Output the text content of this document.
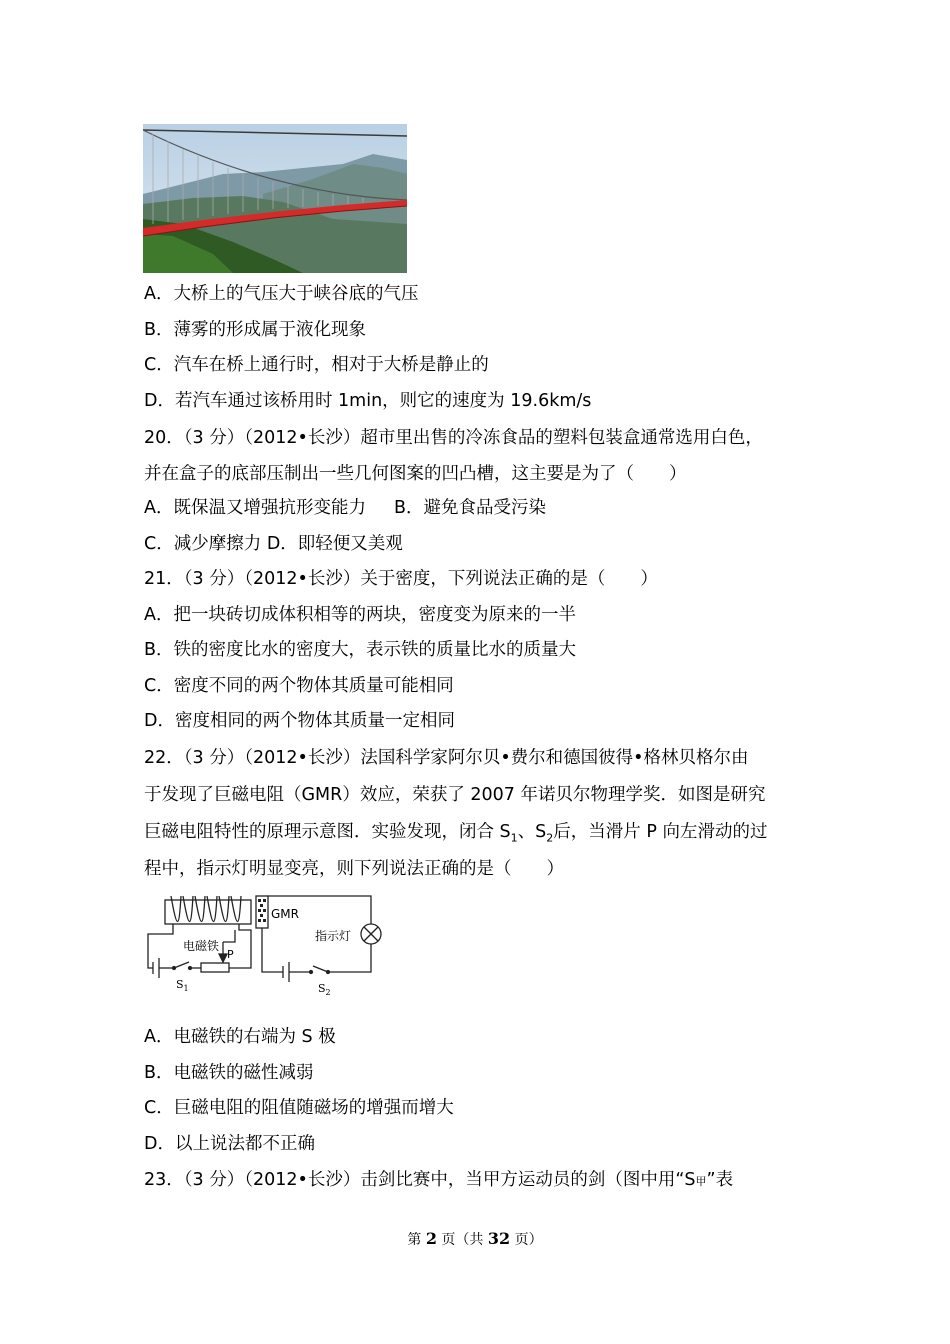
A．大桥上的气压大于峡谷底的气压
B．薄雾的形成属于液化现象
C．汽车在桥上通行时，相对于大桥是静止的
D．若汽车通过该桥用时 1min，则它的速度为 19.6km/s
20．（3 分）（2012•长沙）超市里出售的冷冻食品的塑料包装盒通常选用白色，
并在盒子的底部压制出一些几何图案的凹凸槽，这主要是为了（　　）
A．既保温又增强抗形变能力 B．避免食品受污染
C．减少摩擦力 D．即轻便又美观
21．（3 分）（2012•长沙）关于密度，下列说法正确的是（　　）
A．把一块砖切成体积相等的两块，密度变为原来的一半
B．铁的密度比水的密度大，表示铁的质量比水的质量大
C．密度不同的两个物体其质量可能相同
D．密度相同的两个物体其质量一定相同
22．（3 分）（2012•长沙）法国科学家阿尔贝•费尔和德国彼得•格林贝格尔由
于发现了巨磁电阻（GMR）效应，荣获了 2007 年诺贝尔物理学奖．如图是研究
巨磁电阻特性的原理示意图．实验发现，闭合 $S_1$、$S_2$后，当滑片 P 向左滑动的过
程中，指示灯明显变亮，则下列说法正确的是（　　）
电磁铁
GMR
指示灯
P
$S_1$	$S_2$
A．电磁铁的右端为 S 极
B．电磁铁的磁性减弱
C．巨磁电阻的阻值随磁场的增强而增大
D．以上说法都不正确
23．（3 分）（2012•长沙）击剑比赛中，当甲方运动员的剑（图中用“S甲”表
第 2 页（共 32 页）
